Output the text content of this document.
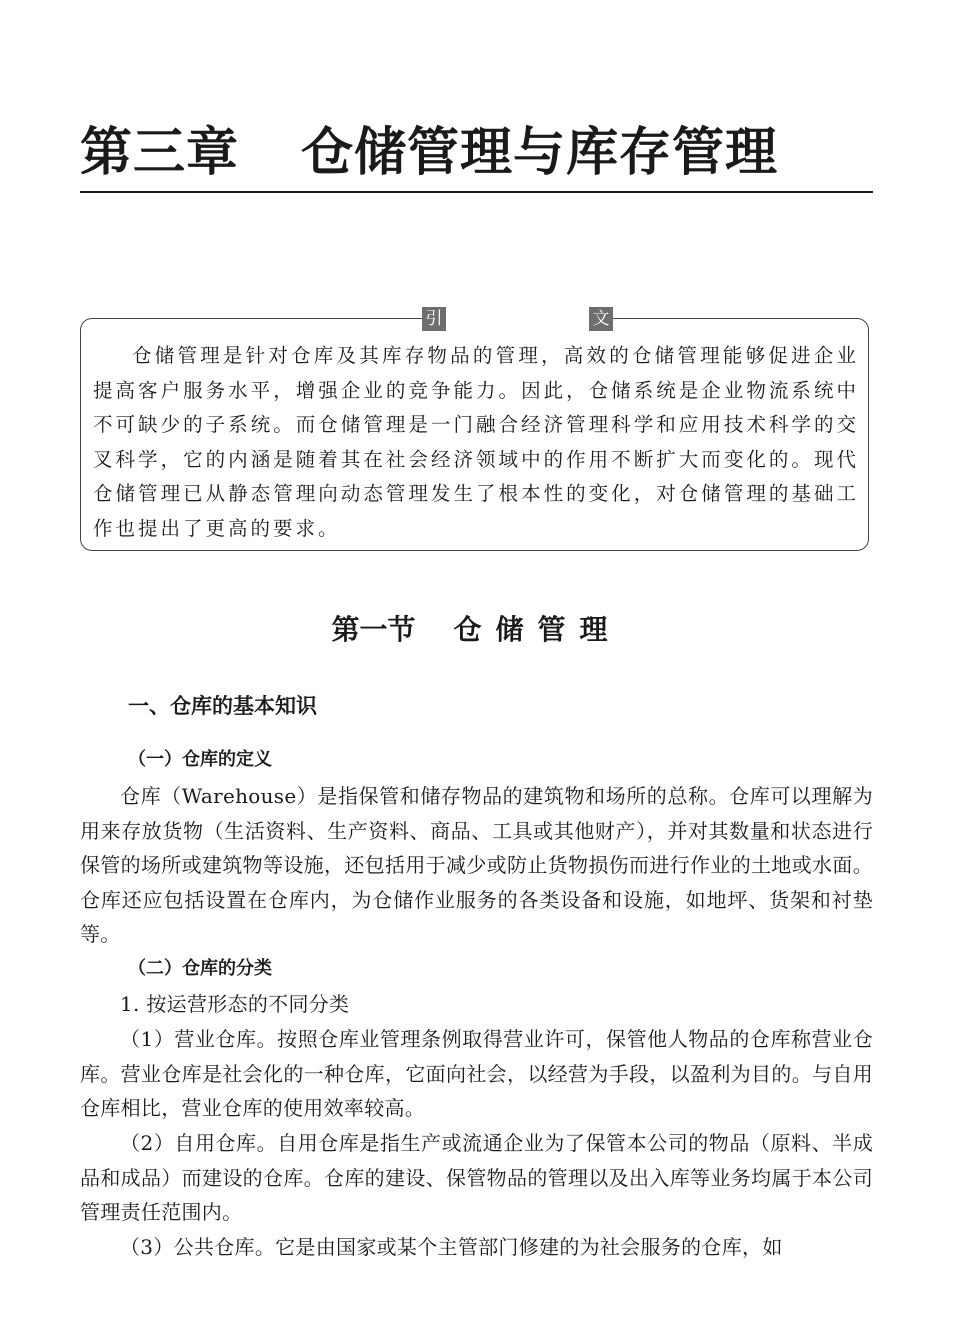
第三章 仓储管理与库存管理
引	文

仓储管理是针对仓库及其库存物品的管理，高效的仓储管理能够促进企业提高客户服务水平，增强企业的竞争能力。因此，仓储系统是企业物流系统中不可缺少的子系统。而仓储管理是一门融合经济管理科学和应用技术科学的交叉科学，它的内涵是随着其在社会经济领域中的作用不断扩大而变化的。现代仓储管理已从静态管理向动态管理发生了根本性的变化，对仓储管理的基础工作也提出了更高的要求。

第一节 仓储管理
一、仓库的基本知识
（一）仓库的定义

仓库（Warehouse）是指保管和储存物品的建筑物和场所的总称。仓库可以理解为用来存放货物（生活资料、生产资料、商品、工具或其他财产），并对其数量和状态进行保管的场所或建筑物等设施，还包括用于减少或防止货物损伤而进行作业的土地或水面。仓库还应包括设置在仓库内，为仓储作业服务的各类设备和设施，如地坪、货架和衬垫等。

（二）仓库的分类

1. 按运营形态的不同分类

（1）营业仓库。按照仓库业管理条例取得营业许可，保管他人物品的仓库称营业仓库。营业仓库是社会化的一种仓库，它面向社会，以经营为手段，以盈利为目的。与自用仓库相比，营业仓库的使用效率较高。

（2）自用仓库。自用仓库是指生产或流通企业为了保管本公司的物品（原料、半成品和成品）而建设的仓库。仓库的建设、保管物品的管理以及出入库等业务均属于本公司管理责任范围内。

（3）公共仓库。它是由国家或某个主管部门修建的为社会服务的仓库，如
